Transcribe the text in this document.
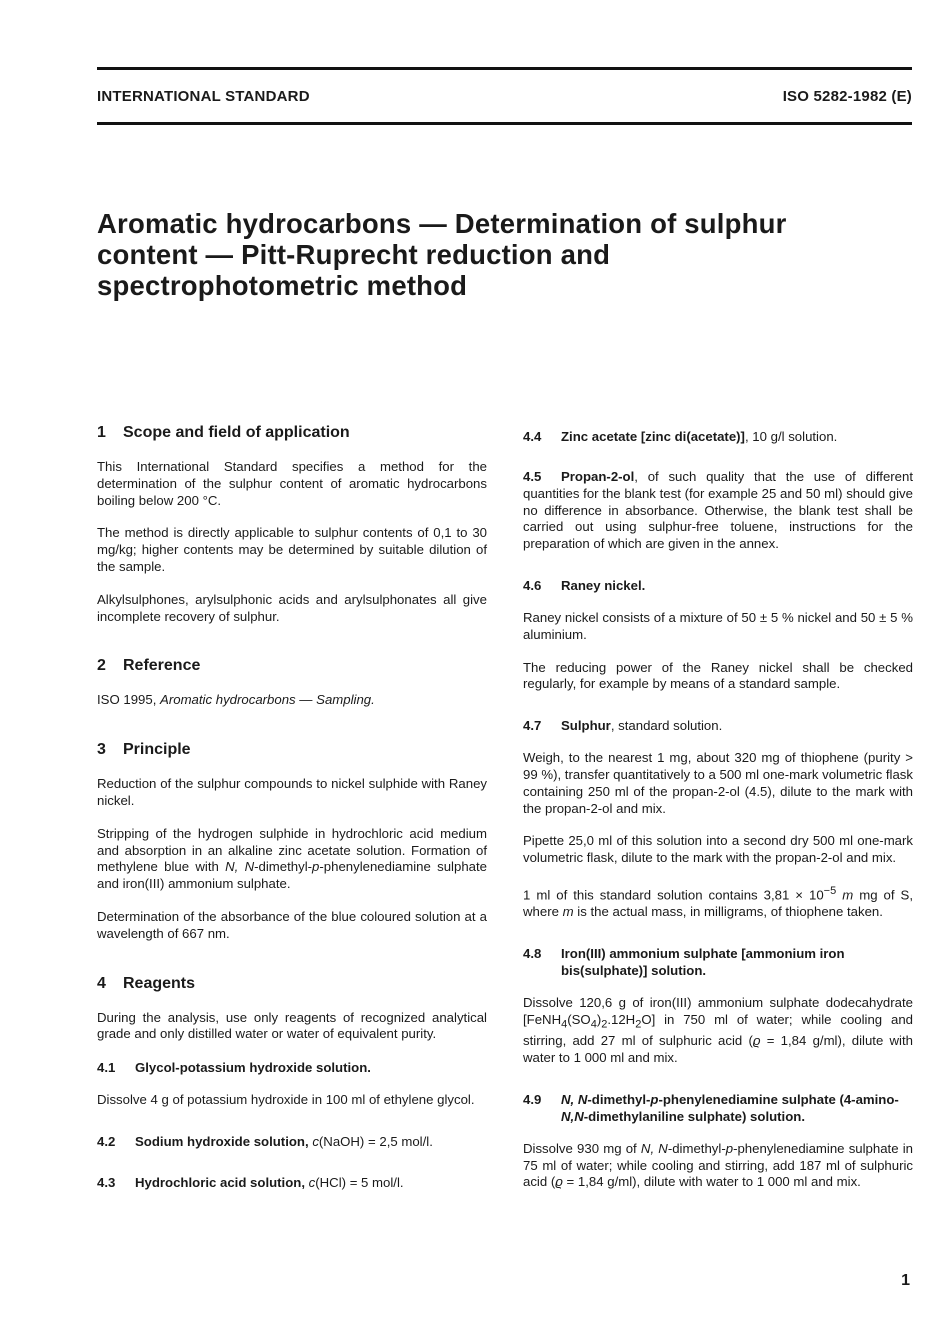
INTERNATIONAL STANDARD	ISO 5282-1982 (E)
Aromatic hydrocarbons — Determination of sulphur
content — Pitt-Ruprecht reduction and
spectrophotometric method
1 Scope and field of application

This International Standard specifies a method for the determination of the sulphur content of aromatic hydrocarbons boiling below 200 °C.

The method is directly applicable to sulphur contents of 0,1 to 30 mg/kg; higher contents may be determined by suitable dilution of the sample.

Alkylsulphones, arylsulphonic acids and arylsulphonates all give incomplete recovery of sulphur.

2 Reference

ISO 1995, Aromatic hydrocarbons — Sampling.

3 Principle

Reduction of the sulphur compounds to nickel sulphide with Raney nickel.

Stripping of the hydrogen sulphide in hydrochloric acid medium and absorption in an alkaline zinc acetate solution. Formation of methylene blue with N, N-dimethyl-p-phenylenediamine sulphate and iron(III) ammonium sulphate.

Determination of the absorbance of the blue coloured solution at a wavelength of 667 nm.

4 Reagents

During the analysis, use only reagents of recognized analytical grade and only distilled water or water of equivalent purity.

4.1 Glycol-potassium hydroxide solution.

Dissolve 4 g of potassium hydroxide in 100 ml of ethylene glycol.

4.2 Sodium hydroxide solution, c(NaOH) = 2,5 mol/l.
4.3 Hydrochloric acid solution, c(HCl) = 5 mol/l.
4.4 Zinc acetate [zinc di(acetate)], 10 g/l solution.

4.5 Propan-2-ol, of such quality that the use of different quantities for the blank test (for example 25 and 50 ml) should give no difference in absorbance. Otherwise, the blank test shall be carried out using sulphur-free toluene, instructions for the preparation of which are given in the annex.

4.6 Raney nickel.

Raney nickel consists of a mixture of 50 ± 5 % nickel and 50 ± 5 % aluminium.

The reducing power of the Raney nickel shall be checked regularly, for example by means of a standard sample.

4.7 Sulphur, standard solution.

Weigh, to the nearest 1 mg, about 320 mg of thiophene (purity > 99 %), transfer quantitatively to a 500 ml one-mark volumetric flask containing 250 ml of the propan-2-ol (4.5), dilute to the mark with the propan-2-ol and mix.

Pipette 25,0 ml of this solution into a second dry 500 ml one-mark volumetric flask, dilute to the mark with the propan-2-ol and mix.

1 ml of this standard solution contains $3,81 \times 10^{-5}$ m mg of S, where m is the actual mass, in milligrams, of thiophene taken.

4.8	Iron(III) ammonium sulphate [ammonium iron bis(sulphate)] solution.

Dissolve 120,6 g of iron(III) ammonium sulphate dodecahydrate $[FeNH_4(SO_4)_2.12H_2O]$ in 750 ml of water; while cooling and stirring, add 27 ml of sulphuric acid (ϱ = 1,84 g/ml), dilute with water to 1 000 ml and mix.

4.9	N, N-dimethyl-p-phenylenediamine sulphate (4-amino-N,N-dimethylaniline sulphate) solution.

Dissolve 930 mg of N, N-dimethyl-p-phenylenediamine sulphate in 75 ml of water; while cooling and stirring, add 187 ml of sulphuric acid (ϱ = 1,84 g/ml), dilute with water to 1 000 ml and mix.

1
